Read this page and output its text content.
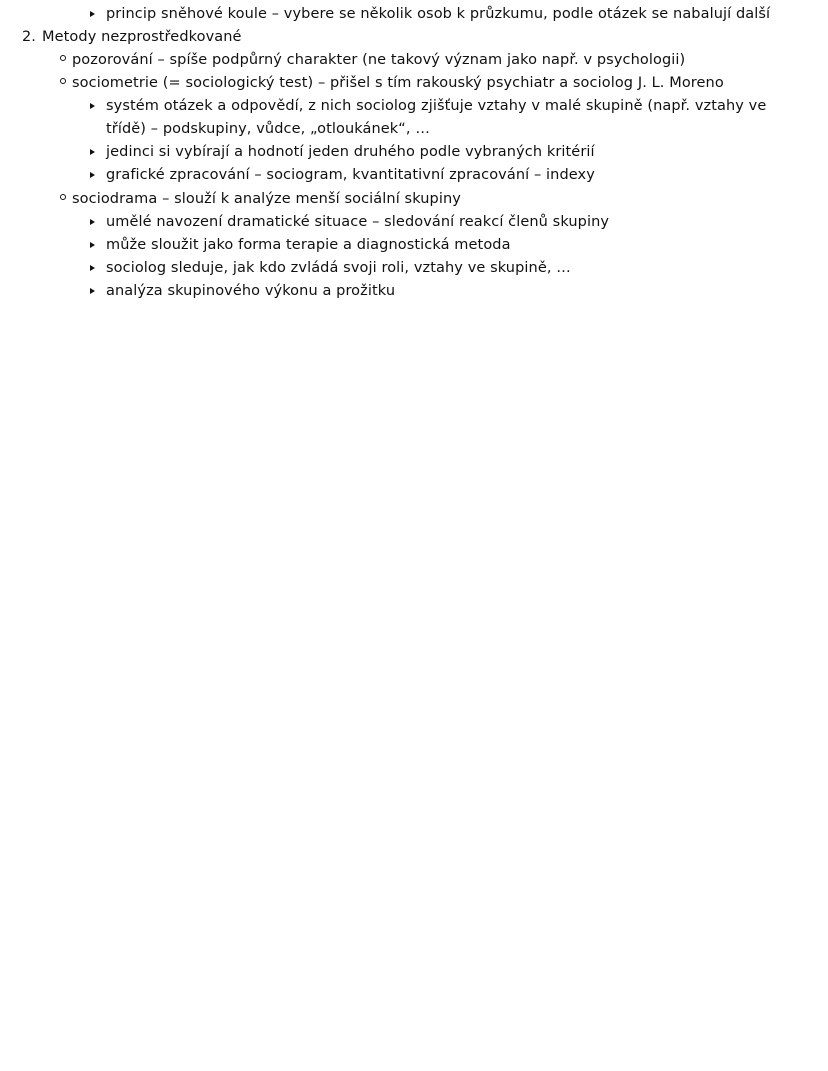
princip sněhové koule – vybere se několik osob k průzkumu, podle otázek se nabalují další
2. Metody nezprostředkované
pozorování – spíše podpůrný charakter (ne takový význam jako např. v psychologii)
sociometrie (= sociologický test) – přišel s tím rakouský psychiatr a sociolog J. L. Moreno
systém otázek a odpovědí, z nich sociolog zjišťuje vztahy v malé skupině (např. vztahy ve
třídě) – podskupiny, vůdce, „otloukánek“, …
jedinci si vybírají a hodnotí jeden druhého podle vybraných kritérií
grafické zpracování – sociogram, kvantitativní zpracování – indexy
sociodrama – slouží k analýze menší sociální skupiny
umělé navození dramatické situace – sledování reakcí členů skupiny
může sloužit jako forma terapie a diagnostická metoda
sociolog sleduje, jak kdo zvládá svoji roli, vztahy ve skupině, …
analýza skupinového výkonu a prožitku
